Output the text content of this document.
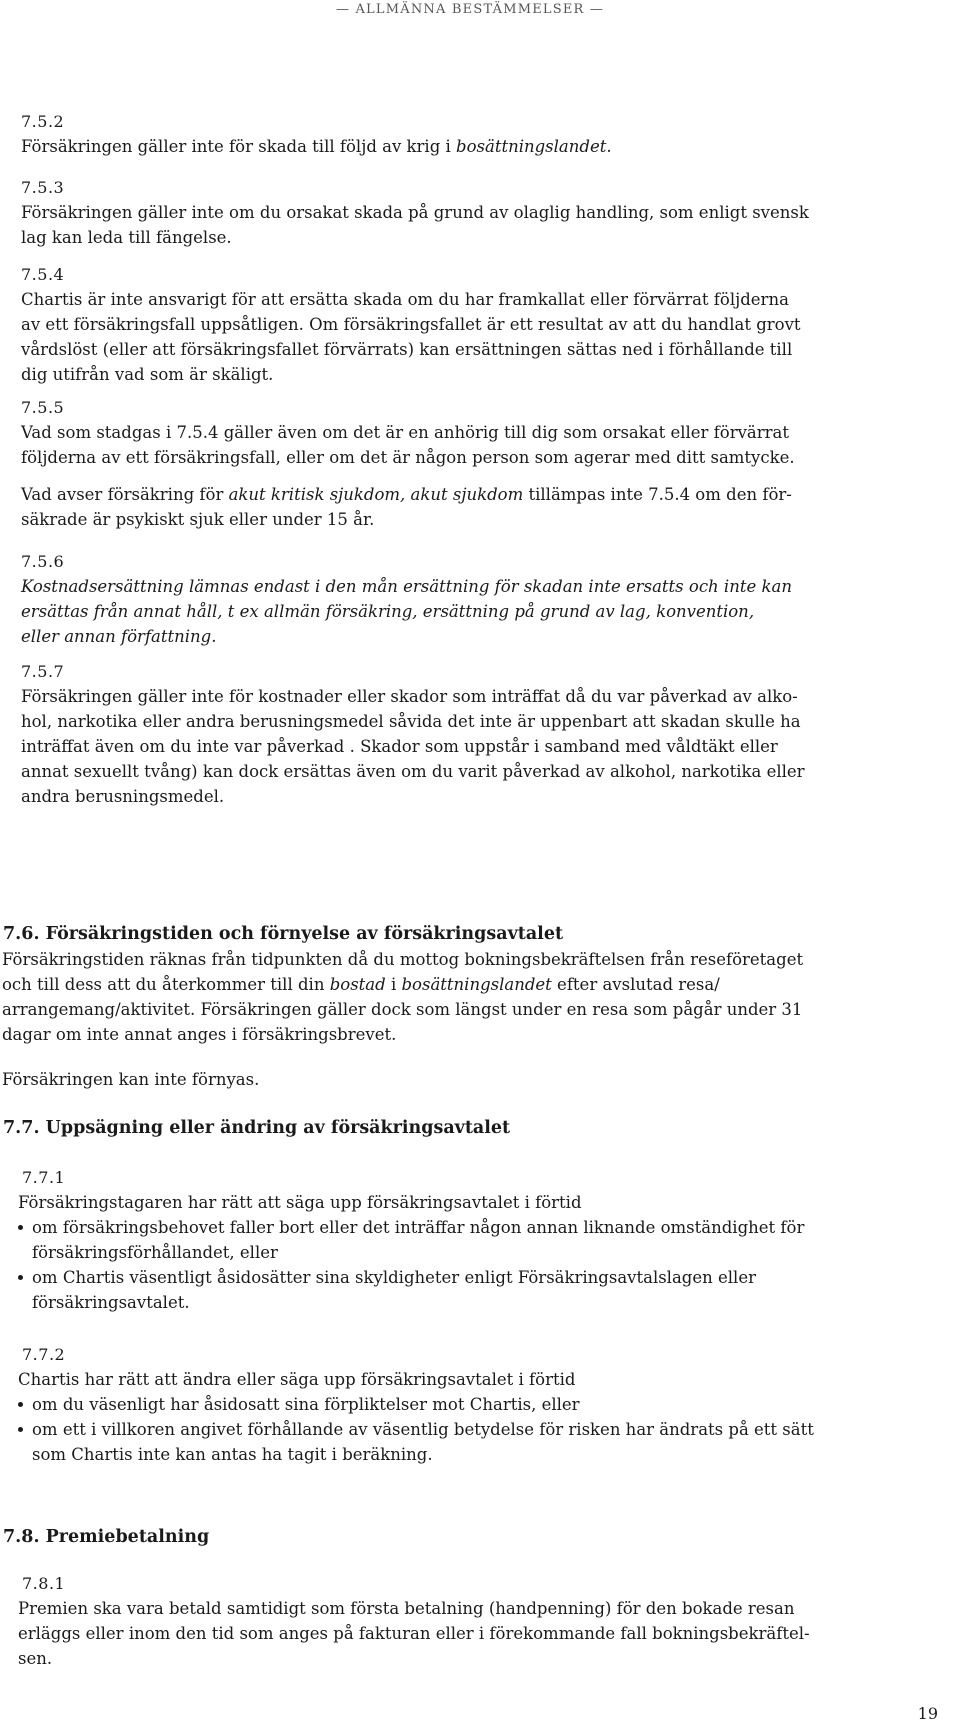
— ALLMÄNNA BESTÄMMELSER —
7.5.2
Försäkringen gäller inte för skada till följd av krig i bosättningslandet.
7.5.3
Försäkringen gäller inte om du orsakat skada på grund av olaglig handling, som enligt svensk
lag kan leda till fängelse.
7.5.4
Chartis är inte ansvarigt för att ersätta skada om du har framkallat eller förvärrat följderna
av ett försäkringsfall uppsåtligen. Om försäkringsfallet är ett resultat av att du handlat grovt
vårdslöst (eller att försäkringsfallet förvärrats) kan ersättningen sättas ned i förhållande till
dig utifrån vad som är skäligt.
7.5.5
Vad som stadgas i 7.5.4 gäller även om det är en anhörig till dig som orsakat eller förvärrat
följderna av ett försäkringsfall, eller om det är någon person som agerar med ditt samtycke.
Vad avser försäkring för akut kritisk sjukdom, akut sjukdom tillämpas inte 7.5.4 om den för-
säkrade är psykiskt sjuk eller under 15 år.
7.5.6
Kostnadsersättning lämnas endast i den mån ersättning för skadan inte ersatts och inte kan
ersättas från annat håll, t ex allmän försäkring, ersättning på grund av lag, konvention,
eller annan författning.
7.5.7
Försäkringen gäller inte för kostnader eller skador som inträffat då du var påverkad av alko-
hol, narkotika eller andra berusningsmedel såvida det inte är uppenbart att skadan skulle ha
inträffat även om du inte var påverkad . Skador som uppstår i samband med våldtäkt eller
annat sexuellt tvång) kan dock ersättas även om du varit påverkad av alkohol, narkotika eller
andra berusningsmedel.
7.6. Försäkringstiden och förnyelse av försäkringsavtalet
Försäkringstiden räknas från tidpunkten då du mottog bokningsbekräftelsen från reseföretaget
och till dess att du återkommer till din bostad i bosättningslandet efter avslutad resa/
arrangemang/aktivitet. Försäkringen gäller dock som längst under en resa som pågår under 31
dagar om inte annat anges i försäkringsbrevet.
Försäkringen kan inte förnyas.
7.7. Uppsägning eller ändring av försäkringsavtalet
7.7.1
Försäkringstagaren har rätt att säga upp försäkringsavtalet i förtid
om försäkringsbehovet faller bort eller det inträffar någon annan liknande omständighet för
försäkringsförhållandet, eller
om Chartis väsentligt åsidosätter sina skyldigheter enligt Försäkringsavtalslagen eller
försäkringsavtalet.
7.7.2
Chartis har rätt att ändra eller säga upp försäkringsavtalet i förtid
om du väsenligt har åsidosatt sina förpliktelser mot Chartis, eller
om ett i villkoren angivet förhållande av väsentlig betydelse för risken har ändrats på ett sätt
som Chartis inte kan antas ha tagit i beräkning.
7.8. Premiebetalning
7.8.1
Premien ska vara betald samtidigt som första betalning (handpenning) för den bokade resan
erläggs eller inom den tid som anges på fakturan eller i förekommande fall bokningsbekräftel-
sen.
19
